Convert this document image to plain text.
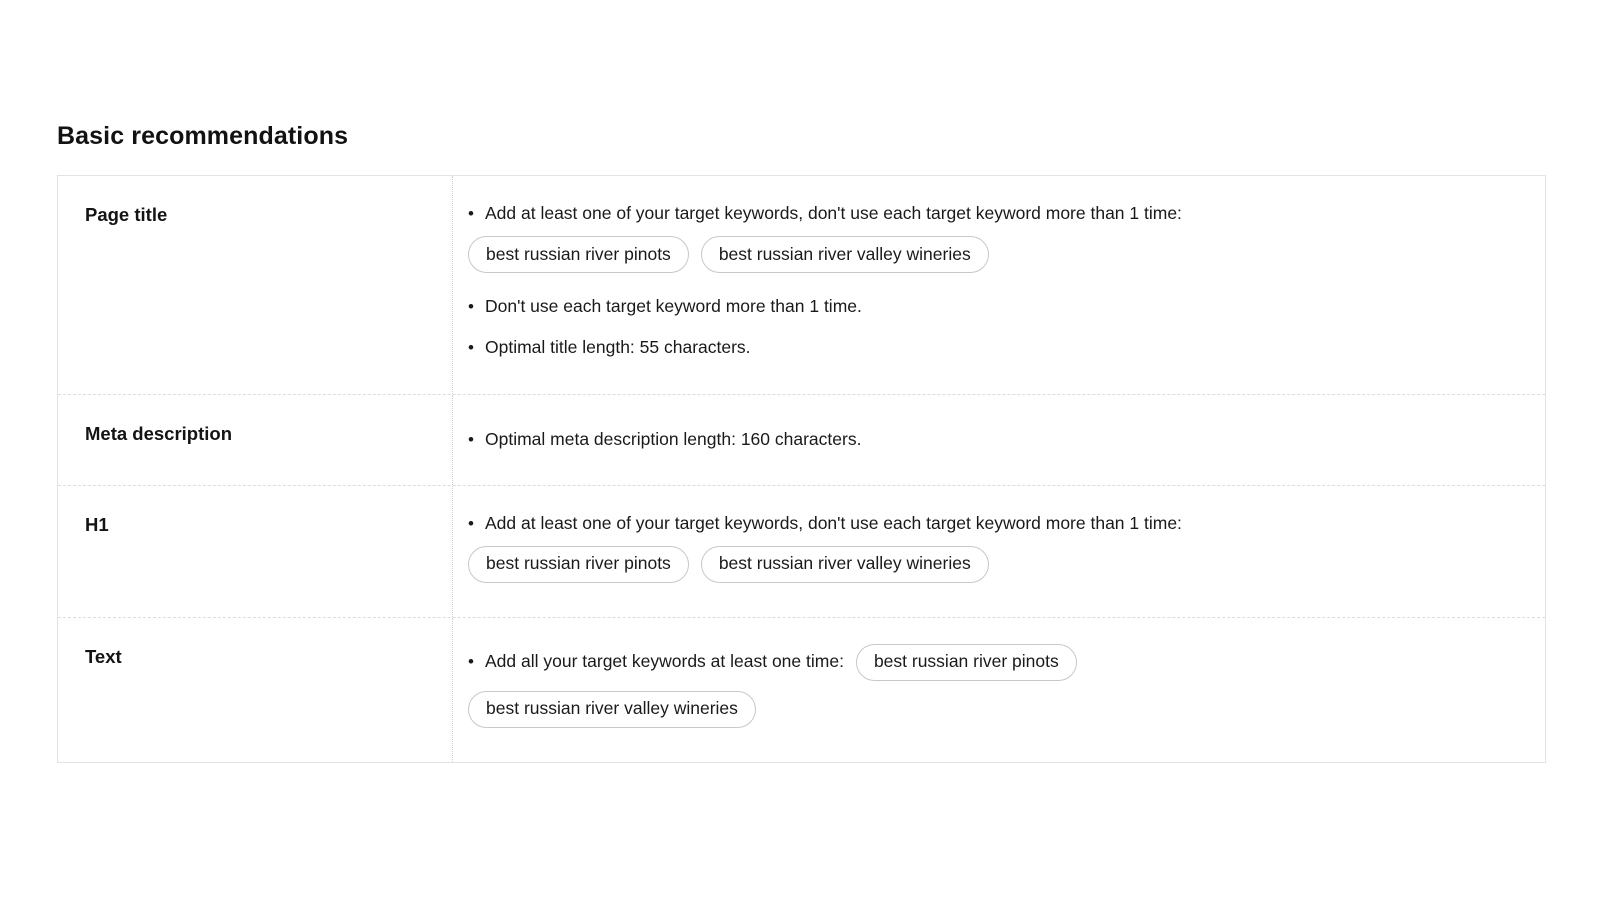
Basic recommendations
Page title	• Add at least one of your target keywords, don't use each target keyword more than 1 time:
best russian river pinots	best russian river valley wineries
• Don't use each target keyword more than 1 time.
• Optimal title length: 55 characters.
Meta description	• Optimal meta description length: 160 characters.
H1	• Add at least one of your target keywords, don't use each target keyword more than 1 time:
best russian river pinots	best russian river valley wineries
Text	• Add all your target keywords at least one time:	best russian river pinots
best russian river valley wineries
